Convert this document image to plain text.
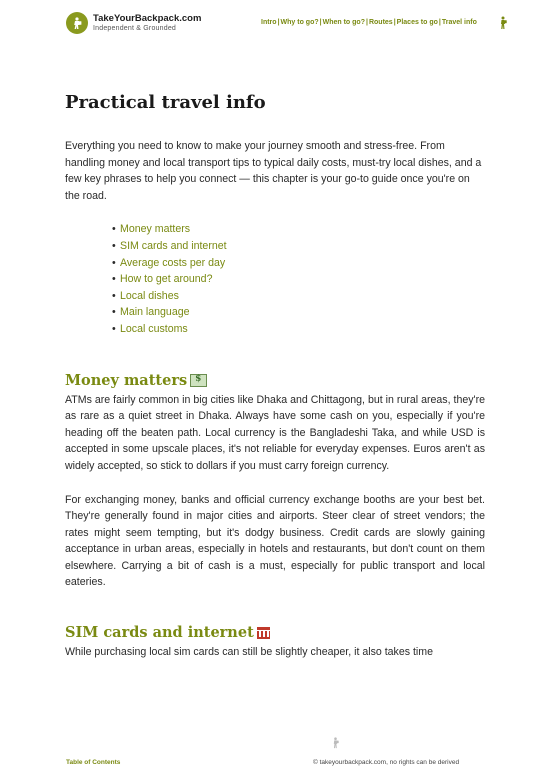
TakeYourBackpack.com
Independent & Grounded
Intro|Why to go?|When to go?|Routes|Places to go|Travel info
Practical travel info

Everything you need to know to make your journey smooth and stress-free. From handling money and local transport tips to typical daily costs, must-try local dishes, and a few key phrases to help you connect — this chapter is your go-to guide once you're on the road.

• Money matters
• SIM cards and internet
• Average costs per day
• How to get around?
• Local dishes
• Main language
• Local customs
Money matters$

ATMs are fairly common in big cities like Dhaka and Chittagong, but in rural areas, they're as rare as a quiet street in Dhaka. Always have some cash on you, especially if you're heading off the beaten path. Local currency is the Bangladeshi Taka, and while USD is accepted in some upscale places, it's not reliable for everyday expenses. Euros aren't as widely accepted, so stick to dollars if you must carry foreign currency.

For exchanging money, banks and official currency exchange booths are your best bet. They're generally found in major cities and airports. Steer clear of street vendors; the rates might seem tempting, but it's dodgy business. Credit cards are slowly gaining acceptance in urban areas, especially in hotels and restaurants, but don't count on them elsewhere. Carrying a bit of cash is a must, especially for public transport and local eateries.

SIM cards and internet

While purchasing local sim cards can still be slightly cheaper, it also takes time

Table of Contents	© takeyourbackpack.com, no rights can be derived
